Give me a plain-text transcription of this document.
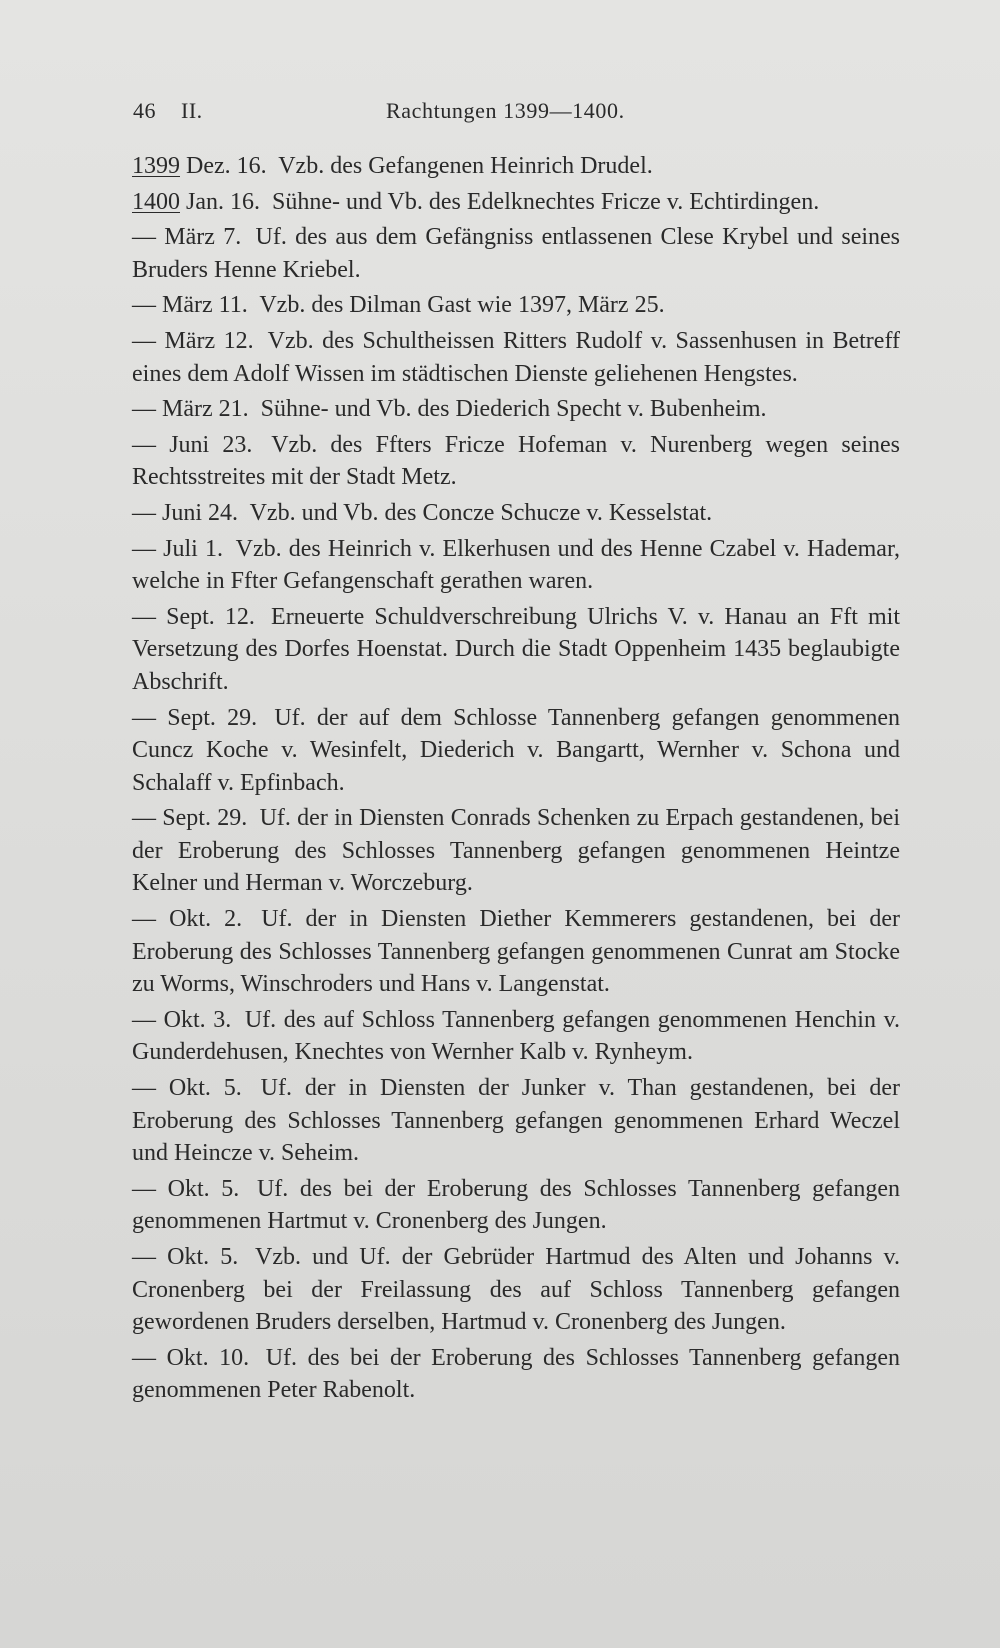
46 II.	Rachtungen 1399—1400.
1399 Dez. 16. Vzb. des Gefangenen Heinrich Drudel.
1400 Jan. 16. Sühne- und Vb. des Edelknechtes Fricze v. Echtirdingen.
— März 7. Uf. des aus dem Gefängniss entlassenen Clese Krybel und seines Bruders Henne Kriebel.
— März 11. Vzb. des Dilman Gast wie 1397, März 25.
— März 12. Vzb. des Schultheissen Ritters Rudolf v. Sassenhusen in Betreff eines dem Adolf Wissen im städtischen Dienste geliehenen Hengstes.
— März 21. Sühne- und Vb. des Diederich Specht v. Bubenheim.
— Juni 23. Vzb. des Ffters Fricze Hofeman v. Nurenberg wegen seines Rechtsstreites mit der Stadt Metz.
— Juni 24. Vzb. und Vb. des Concze Schucze v. Kesselstat.
— Juli 1. Vzb. des Heinrich v. Elkerhusen und des Henne Czabel v. Hademar, welche in Ffter Gefangenschaft gerathen waren.
— Sept. 12. Erneuerte Schuldverschreibung Ulrichs V. v. Hanau an Fft mit Versetzung des Dorfes Hoenstat. Durch die Stadt Oppenheim 1435 beglaubigte Abschrift.
— Sept. 29. Uf. der auf dem Schlosse Tannenberg gefangen genommenen Cuncz Koche v. Wesinfelt, Diederich v. Bangartt, Wernher v. Schona und Schalaff v. Epfinbach.
— Sept. 29. Uf. der in Diensten Conrads Schenken zu Erpach gestandenen, bei der Eroberung des Schlosses Tannenberg gefangen genommenen Heintze Kelner und Herman v. Worczeburg.
— Okt. 2. Uf. der in Diensten Diether Kemmerers gestandenen, bei der Eroberung des Schlosses Tannenberg gefangen genommenen Cunrat am Stocke zu Worms, Winschroders und Hans v. Langenstat.
— Okt. 3. Uf. des auf Schloss Tannenberg gefangen genommenen Henchin v. Gunderdehusen, Knechtes von Wernher Kalb v. Rynheym.
— Okt. 5. Uf. der in Diensten der Junker v. Than gestandenen, bei der Eroberung des Schlosses Tannenberg gefangen genommenen Erhard Weczel und Heincze v. Seheim.
— Okt. 5. Uf. des bei der Eroberung des Schlosses Tannenberg gefangen genommenen Hartmut v. Cronenberg des Jungen.
— Okt. 5. Vzb. und Uf. der Gebrüder Hartmud des Alten und Johanns v. Cronenberg bei der Freilassung des auf Schloss Tannenberg gefangen gewordenen Bruders derselben, Hartmud v. Cronenberg des Jungen.
— Okt. 10. Uf. des bei der Eroberung des Schlosses Tannenberg gefangen genommenen Peter Rabenolt.
